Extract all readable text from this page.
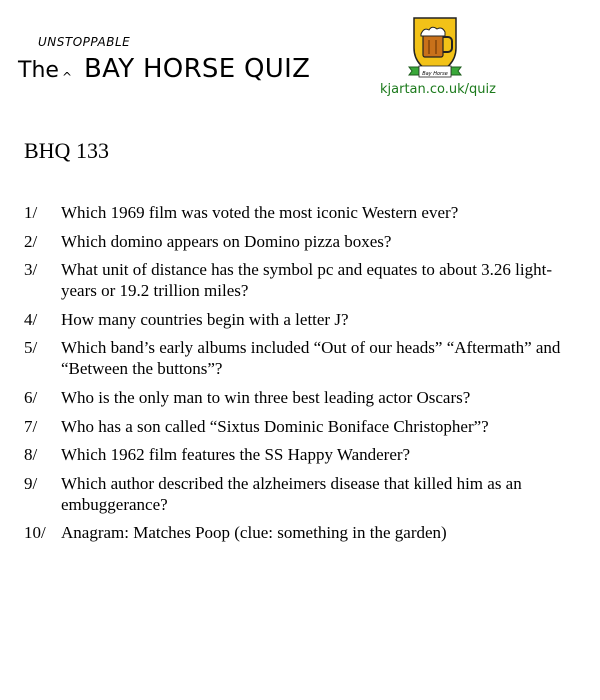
UNSTOPPABLE
The ^ BAY HORSE QUIZ	Bay Horse
kjartan.co.uk/quiz
BHQ 133
1/ Which 1969 film was voted the most iconic Western ever?
2/ Which domino appears on Domino pizza boxes?
3/ What unit of distance has the symbol pc and equates to about 3.26 light-years or 19.2 trillion miles?
4/ How many countries begin with a letter J?
5/ Which band’s early albums included “Out of our heads” “Aftermath” and “Between the buttons”?
6/ Who is the only man to win three best leading actor Oscars?
7/ Who has a son called “Sixtus Dominic Boniface Christopher”?
8/ Which 1962 film features the SS Happy Wanderer?
9/ Which author described the alzheimers disease that killed him as an embuggerance?
10/ Anagram: Matches Poop (clue: something in the garden)
